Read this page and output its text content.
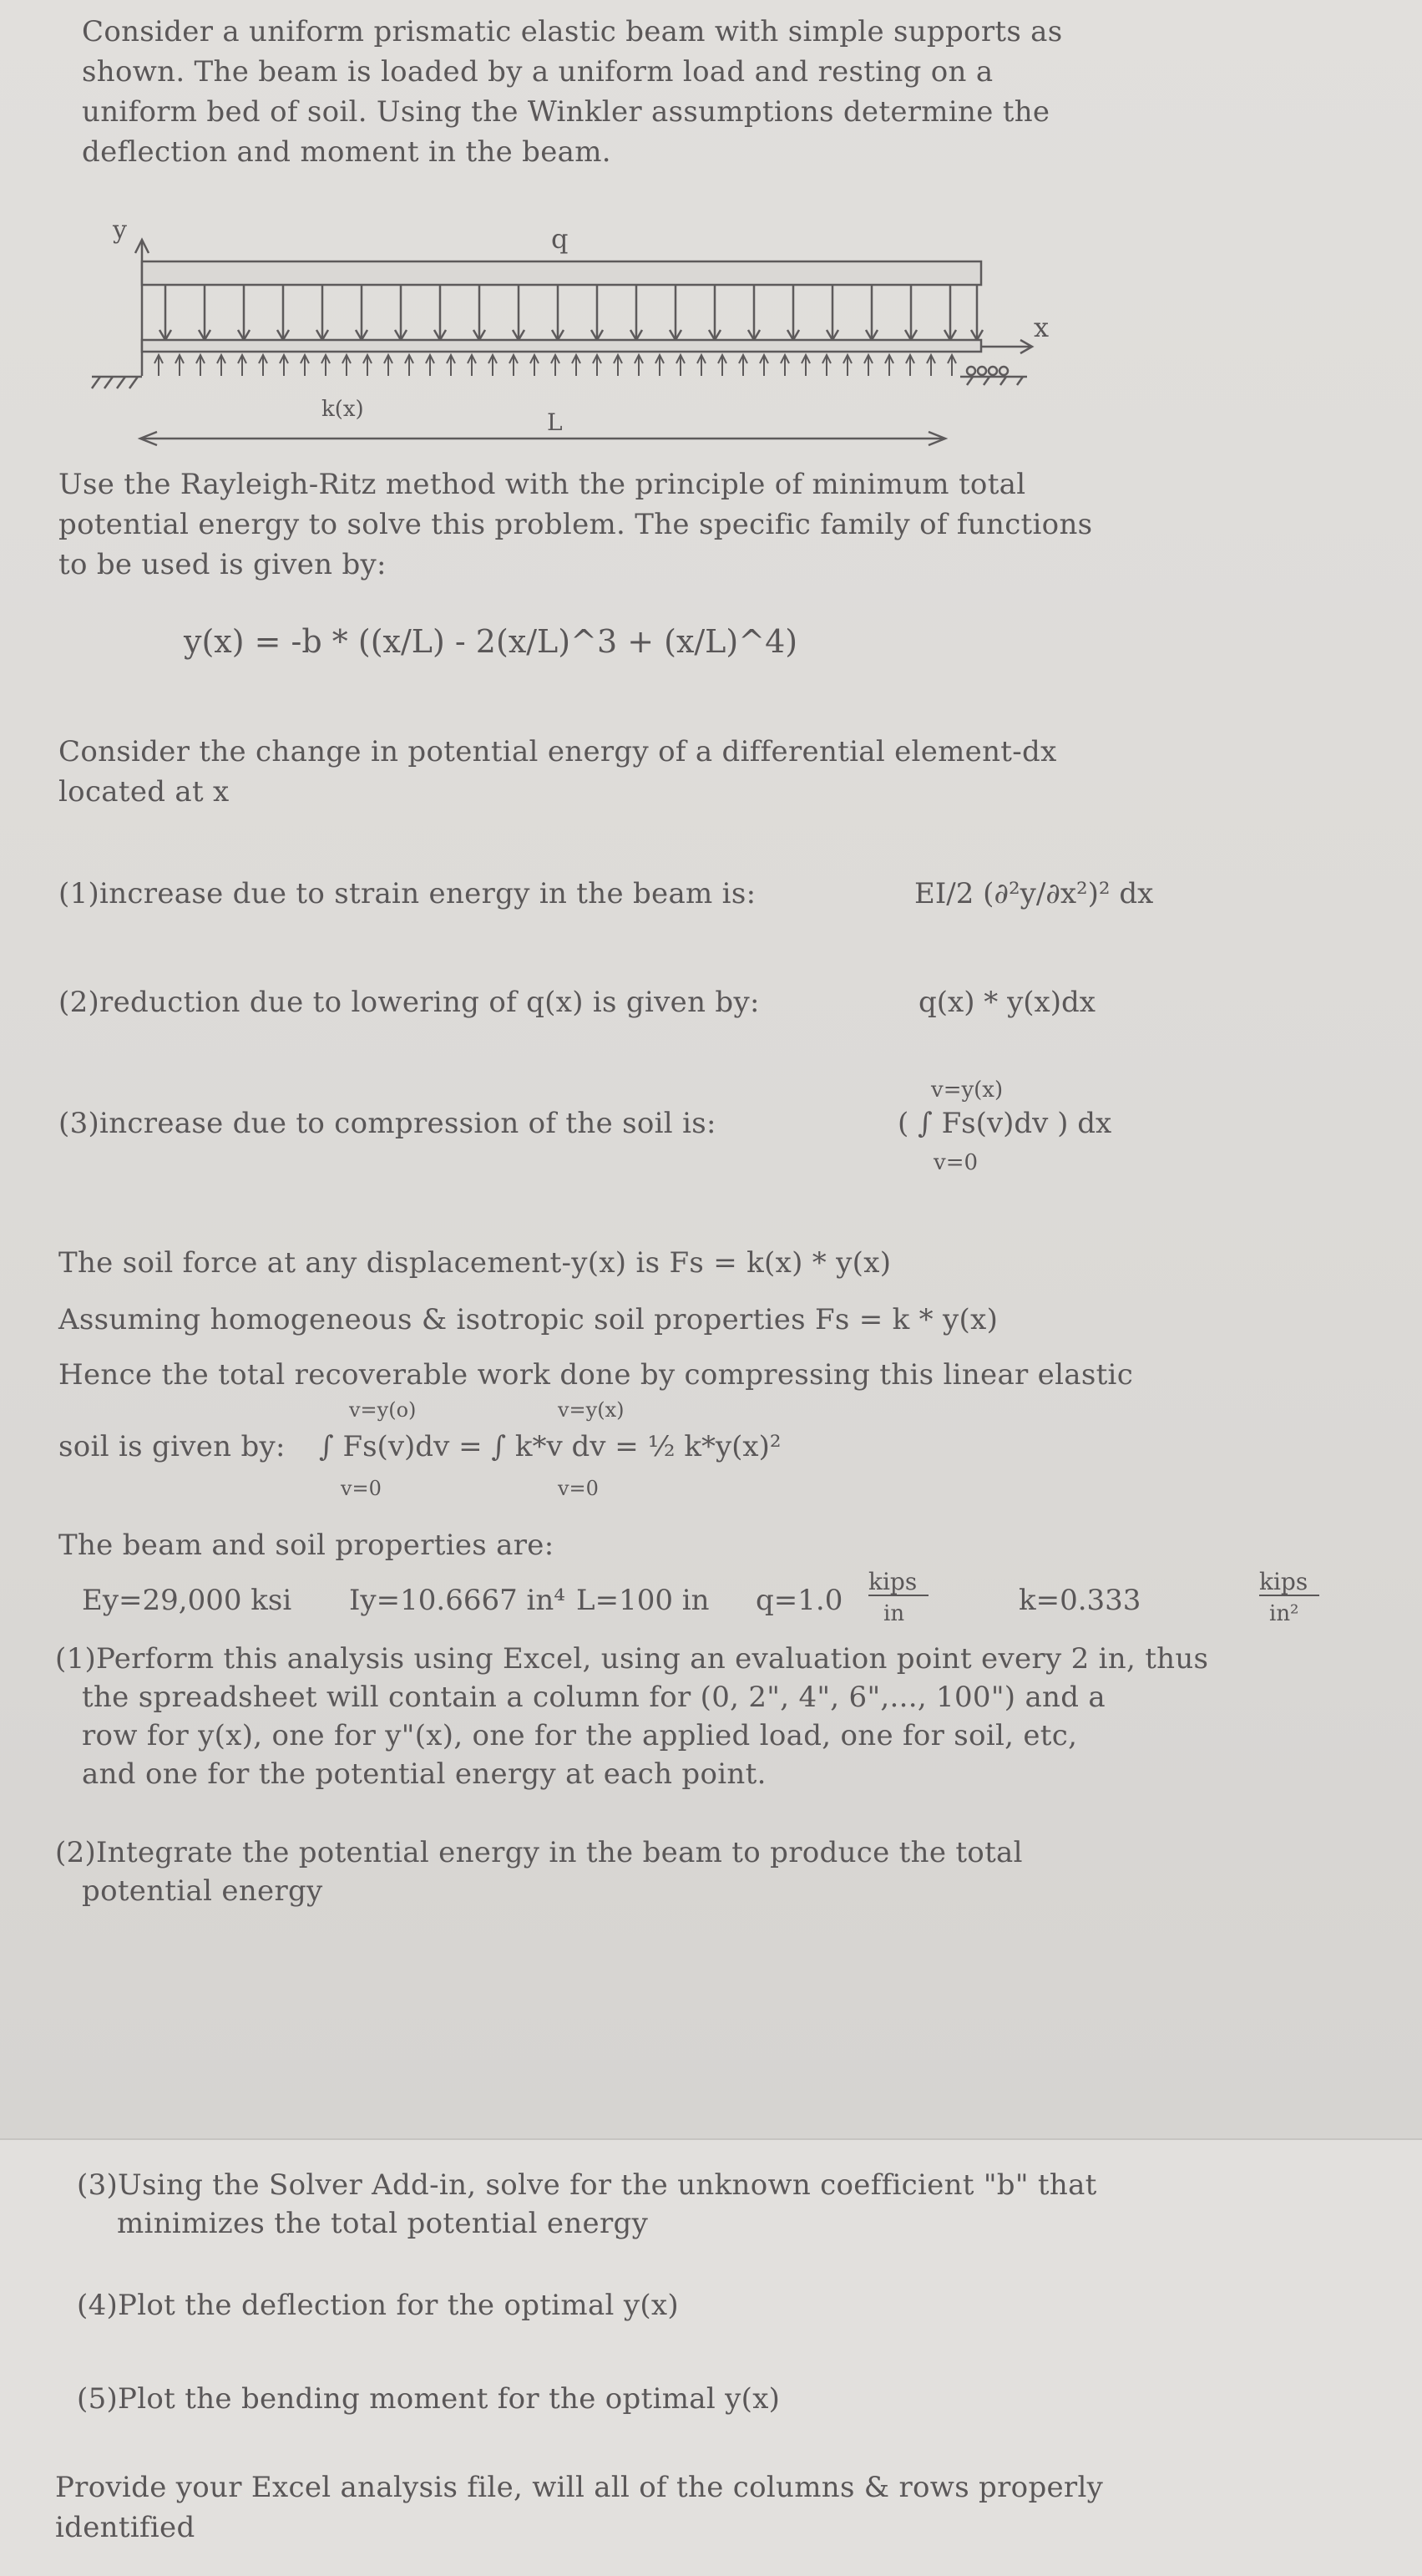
Consider a uniform prismatic elastic beam with simple supports as
shown. The beam is loaded by a uniform load and resting on a
uniform bed of soil. Using the Winkler assumptions determine the
deflection and moment in the beam.
y
x
q
k(x)	L
Use the Rayleigh-Ritz method with the principle of minimum total
potential energy to solve this problem. The specific family of functions
to be used is given by:
y(x) = -b * ((x/L) - 2(x/L)^3 + (x/L)^4)
Consider the change in potential energy of a differential element-dx
located at x
(1)increase due to strain energy in the beam is:	EI/2 (∂²y/∂x²)² dx
(2)reduction due to lowering of q(x) is given by:	q(x) * y(x)dx
v=y(x)
(3)increase due to compression of the soil is:	( ∫ Fs(v)dv ) dx
v=0
The soil force at any displacement-y(x) is Fs = k(x) * y(x)
Assuming homogeneous & isotropic soil properties Fs = k * y(x)
Hence the total recoverable work done by compressing this linear elastic
v=y(o)	v=y(x)
soil is given by: ∫ Fs(v)dv = ∫ k*v dv = ½ k*y(x)²
v=0	v=0
The beam and soil properties are:
Ey=29,000 ksi Iy=10.6667 in⁴ L=100 in q=1.0
kips
in	k=0.333
kips
in²
(1)Perform this analysis using Excel, using an evaluation point every 2 in, thus
the spreadsheet will contain a column for (0, 2", 4", 6",..., 100") and a
row for y(x), one for y"(x), one for the applied load, one for soil, etc,
and one for the potential energy at each point.
(2)Integrate the potential energy in the beam to produce the total
potential energy
(3)Using the Solver Add-in, solve for the unknown coefficient "b" that
minimizes the total potential energy
(4)Plot the deflection for the optimal y(x)
(5)Plot the bending moment for the optimal y(x)
Provide your Excel analysis file, will all of the columns & rows properly
identified
